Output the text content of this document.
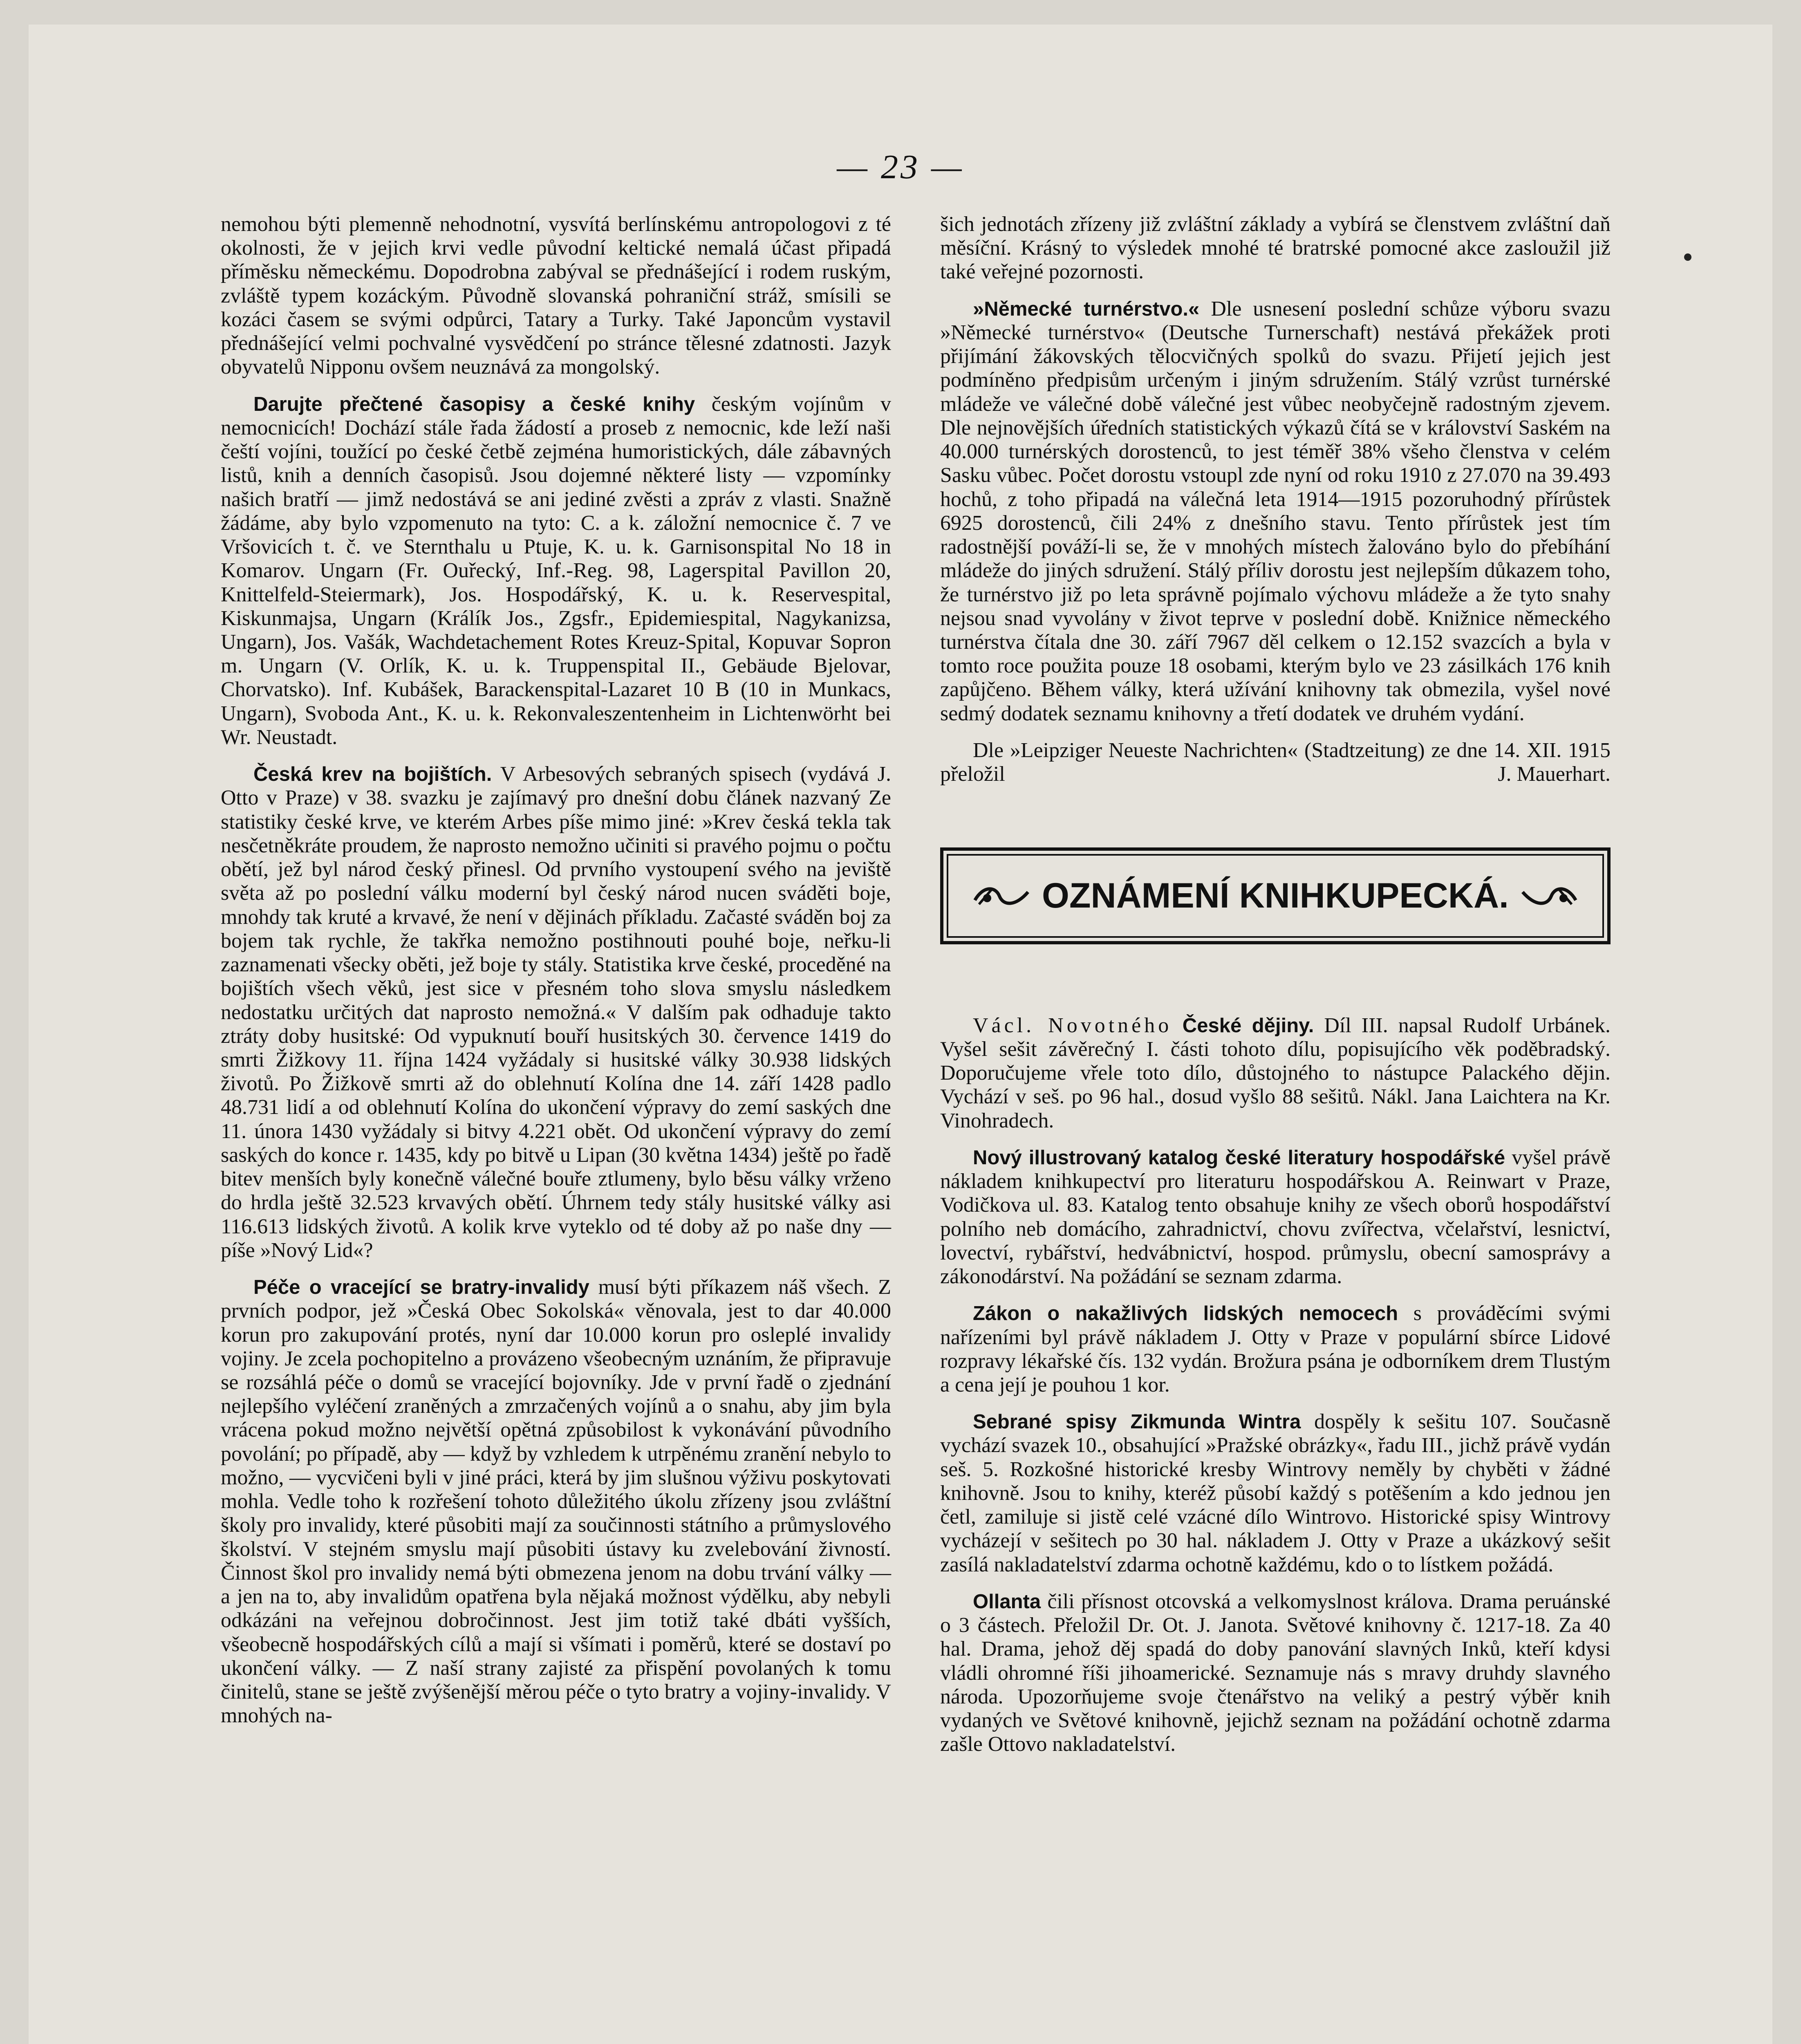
— 23 —

nemohou býti plemenně nehodnotní, vysvítá berlínskému antropologovi z té okolnosti, že v jejich krvi vedle původní keltické nemalá účast připadá příměsku německému. Dopodrobna zabýval se přednášející i rodem ruským, zvláště typem kozáckým. Původně slovanská pohraniční stráž, smísili se kozáci časem se svými odpůrci, Tatary a Turky. Také Japoncům vystavil přednášející velmi pochvalné vysvědčení po stránce tělesné zdatnosti. Jazyk obyvatelů Nipponu ovšem neuznává za mongolský.

Darujte přečtené časopisy a české knihy českým vojínům v nemocnicích! Dochází stále řada žádostí a proseb z nemocnic, kde leží naši čeští vojíni, toužící po české četbě zejména humoristických, dále zábavných listů, knih a denních časopisů. Jsou dojemné některé listy — vzpomínky našich bratří — jimž nedostává se ani jediné zvěsti a zpráv z vlasti. Snažně žádáme, aby bylo vzpomenuto na tyto: C. a k. záložní nemocnice č. 7 ve Vršovicích t. č. ve Sternthalu u Ptuje, K. u. k. Garnisonspital No 18 in Komarov. Ungarn (Fr. Ouřecký, Inf.-Reg. 98, Lagerspital Pavillon 20, Knittelfeld-Steiermark), Jos. Hospodářský, K. u. k. Reservespital, Kiskunmajsa, Ungarn (Králík Jos., Zgsfr., Epidemiespital, Nagykanizsa, Ungarn), Jos. Vašák, Wachdetachement Rotes Kreuz-Spital, Kopuvar Sopron m. Ungarn (V. Orlík, K. u. k. Truppenspital II., Gebäude Bjelovar, Chorvatsko). Inf. Kubášek, Barackenspital-Lazaret 10 B (10 in Munkacs, Ungarn), Svoboda Ant., K. u. k. Rekonvaleszentenheim in Lichtenwörht bei Wr. Neustadt.

Česká krev na bojištích. V Arbesových sebraných spisech (vydává J. Otto v Praze) v 38. svazku je zajímavý pro dnešní dobu článek nazvaný Ze statistiky české krve, ve kterém Arbes píše mimo jiné: »Krev česká tekla tak nesčetněkráte proudem, že naprosto nemožno učiniti si pravého pojmu o počtu obětí, jež byl národ český přinesl. Od prvního vystoupení svého na jeviště světa až po poslední válku moderní byl český národ nucen sváděti boje, mnohdy tak kruté a krvavé, že není v dějinách příkladu. Začasté sváděn boj za bojem tak rychle, že takřka nemožno postihnouti pouhé boje, neřku-li zaznamenati všecky oběti, jež boje ty stály. Statistika krve české, proceděné na bojištích všech věků, jest sice v přesném toho slova smyslu následkem nedostatku určitých dat naprosto nemožná.« V dalším pak odhaduje takto ztráty doby husitské: Od vypuknutí bouří husitských 30. července 1419 do smrti Žižkovy 11. října 1424 vyžádaly si husitské války 30.938 lidských životů. Po Žižkově smrti až do oblehnutí Kolína dne 14. září 1428 padlo 48.731 lidí a od oblehnutí Kolína do ukončení výpravy do zemí saských dne 11. února 1430 vyžádaly si bitvy 4.221 obět. Od ukončení výpravy do zemí saských do konce r. 1435, kdy po bitvě u Lipan (30 května 1434) ještě po řadě bitev menších byly konečně válečné bouře ztlumeny, bylo běsu války vrženo do hrdla ještě 32.523 krvavých obětí. Úhrnem tedy stály husitské války asi 116.613 lidských životů. A kolik krve vyteklo od té doby až po naše dny — píše »Nový Lid«?

Péče o vracející se bratry-invalidy musí býti příkazem náš všech. Z prvních podpor, jež »Česká Obec Sokolská« věnovala, jest to dar 40.000 korun pro zakupování protés, nyní dar 10.000 korun pro osleplé invalidy vojiny. Je zcela pochopitelno a provázeno všeobecným uznáním, že připravuje se rozsáhlá péče o domů se vracející bojovníky. Jde v první řadě o zjednání nejlepšího vyléčení zraněných a zmrzačených vojínů a o snahu, aby jim byla vrácena pokud možno největší opětná způsobilost k vykonávání původního povolání; po případě, aby — když by vzhledem k utrpěnému zranění nebylo to možno, — vycvičeni byli v jiné práci, která by jim slušnou výživu poskytovati mohla. Vedle toho k rozřešení tohoto důležitého úkolu zřízeny jsou zvláštní školy pro invalidy, které působiti mají za součinnosti státního a průmyslového školství. V stejném smyslu mají působiti ústavy ku zvelebování živností. Činnost škol pro invalidy nemá býti obmezena jenom na dobu trvání války — a jen na to, aby invalidům opatřena byla nějaká možnost výdělku, aby nebyli odkázáni na veřejnou dobročinnost. Jest jim totiž také dbáti vyšších, všeobecně hospodářských cílů a mají si všímati i poměrů, které se dostaví po ukončení války. — Z naší strany zajisté za přispění povolaných k tomu činitelů, stane se ještě zvýšenější měrou péče o tyto bratry a vojiny-invalidy. V mnohých na-

šich jednotách zřízeny již zvláštní základy a vybírá se členstvem zvláštní daň měsíční. Krásný to výsledek mnohé té bratrské pomocné akce zasloužil již také veřejné pozornosti.

»Německé turnérstvo.« Dle usnesení poslední schůze výboru svazu »Německé turnérstvo« (Deutsche Turnerschaft) nestává překážek proti přijímání žákovských tělocvičných spolků do svazu. Přijetí jejich jest podmíněno předpisům určeným i jiným sdružením. Stálý vzrůst turnérské mládeže ve válečné době válečné jest vůbec neobyčejně radostným zjevem. Dle nejnovějších úředních statistických výkazů čítá se v království Saském na 40.000 turnérských dorostenců, to jest téměř 38% všeho členstva v celém Sasku vůbec. Počet dorostu vstoupl zde nyní od roku 1910 z 27.070 na 39.493 hochů, z toho připadá na válečná leta 1914—1915 pozoruhodný přírůstek 6925 dorostenců, čili 24% z dnešního stavu. Tento přírůstek jest tím radostnější pováží-li se, že v mnohých místech žalováno bylo do přebíhání mládeže do jiných sdružení. Stálý příliv dorostu jest nejlepším důkazem toho, že turnérstvo již po leta správně pojímalo výchovu mládeže a že tyto snahy nejsou snad vyvolány v život teprve v poslední době. Knižnice německého turnérstva čítala dne 30. září 7967 děl celkem o 12.152 svazcích a byla v tomto roce použita pouze 18 osobami, kterým bylo ve 23 zásilkách 176 knih zapůjčeno. Během války, která užívání knihovny tak obmezila, vyšel nové sedmý dodatek seznamu knihovny a třetí dodatek ve druhém vydání.

Dle »Leipziger Neueste Nachrichten« (Stadtzeitung) ze dne 14. XII. 1915 přeložil	J. Mauerhart.

OZNÁMENÍ KNIHKUPECKÁ.

Václ. Novotného České dějiny. Díl III. napsal Rudolf Urbánek. Vyšel sešit závěrečný I. části tohoto dílu, popisujícího věk poděbradský. Doporučujeme vřele toto dílo, důstojného to nástupce Palackého dějin. Vychází v seš. po 96 hal., dosud vyšlo 88 sešitů. Nákl. Jana Laichtera na Kr. Vinohradech.

Nový illustrovaný katalog české literatury hospodářské vyšel právě nákladem knihkupectví pro literaturu hospodářskou A. Reinwart v Praze, Vodičkova ul. 83. Katalog tento obsahuje knihy ze všech oborů hospodářství polního neb domácího, zahradnictví, chovu zvířectva, včelařství, lesnictví, lovectví, rybářství, hedvábnictví, hospod. průmyslu, obecní samosprávy a zákonodárství. Na požádání se seznam zdarma.

Zákon o nakažlivých lidských nemocech s prováděcími svými nařízeními byl právě nákladem J. Otty v Praze v populární sbírce Lidové rozpravy lékařské čís. 132 vydán. Brožura psána je odborníkem drem Tlustým a cena její je pouhou 1 kor.

Sebrané spisy Zikmunda Wintra dospěly k sešitu 107. Současně vychází svazek 10., obsahující »Pražské obrázky«, řadu III., jichž právě vydán seš. 5. Rozkošné historické kresby Wintrovy neměly by chyběti v žádné knihovně. Jsou to knihy, kteréž působí každý s potěšením a kdo jednou jen četl, zamiluje si jistě celé vzácné dílo Wintrovo. Historické spisy Wintrovy vycházejí v sešitech po 30 hal. nákladem J. Otty v Praze a ukázkový sešit zasílá nakladatelství zdarma ochotně každému, kdo o to lístkem požádá.

Ollanta čili přísnost otcovská a velkomyslnost králova. Drama peruánské o 3 částech. Přeložil Dr. Ot. J. Janota. Světové knihovny č. 1217-18. Za 40 hal. Drama, jehož děj spadá do doby panování slavných Inků, kteří kdysi vládli ohromné říši jihoamerické. Seznamuje nás s mravy druhdy slavného národa. Upozorňujeme svoje čtenářstvo na veliký a pestrý výběr knih vydaných ve Světové knihovně, jejichž seznam na požádání ochotně zdarma zašle Ottovo nakladatelství.
